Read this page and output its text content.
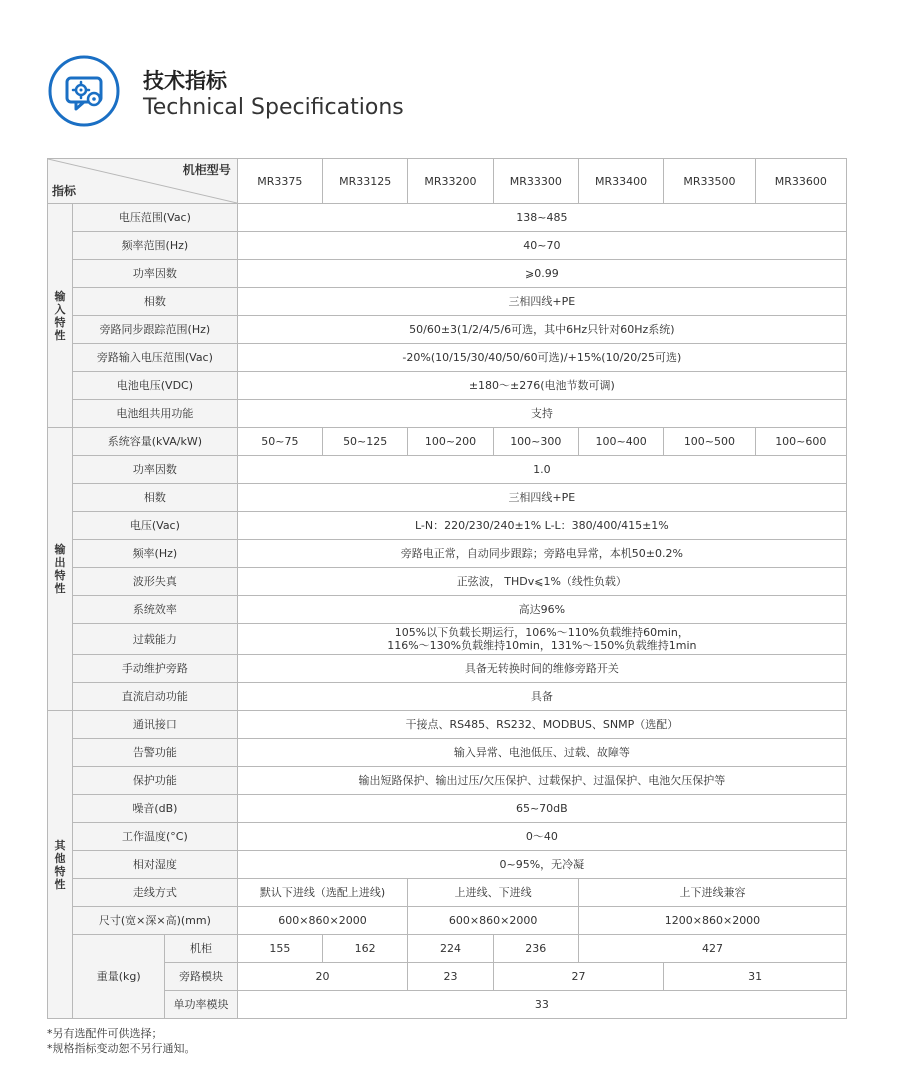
技术指标
Technical Specifications
机柜型号
指标			MR3375	MR33125	MR33200	MR33300	MR33400	MR33500	MR33600
输入特性	电压范围(Vac)		138~485						
	频率范围(Hz)		40~70						
	功率因数		⩾0.99						
	相数		三相四线+PE						
	旁路同步跟踪范围(Hz)		50/60±3(1/2/4/5/6可选，其中6Hz只针对60Hz系统)						
	旁路输入电压范围(Vac)		-20%(10/15/30/40/50/60可选)/+15%(10/20/25可选)						
	电池电压(VDC)		±180～±276(电池节数可调)						
	电池组共用功能		支持						
输出特性	系统容量(kVA/kW)		50~75	50~125	100~200	100~300	100~400	100~500	100~600
	功率因数		1.0						
	相数		三相四线+PE						
	电压(Vac)		L-N：220/230/240±1% L-L：380/400/415±1%						
	频率(Hz)		旁路电正常，自动同步跟踪；旁路电异常，本机50±0.2%						
	波形失真		正弦波， THDv⩽1%（线性负载）						
	系统效率		高达96%						
	过载能力		105%以下负载长期运行，106%～110%负载维持60min，
116%～130%负载维持10min，131%～150%负载维持1min						

	手动维护旁路		具备无转换时间的维修旁路开关						
	直流启动功能		具备						
其他特性	通讯接口		干接点、RS485、RS232、MODBUS、SNMP（选配）						
	告警功能		输入异常、电池低压、过载、故障等						
	保护功能		输出短路保护、输出过压/欠压保护、过载保护、过温保护、电池欠压保护等						
	噪音(dB)		65~70dB						
	工作温度(°C)		0～40						
	相对湿度		0~95%，无冷凝						
	走线方式		默认下进线（选配上进线)		上进线、下进线		上下进线兼容		
	尺寸(宽×深×高)(mm)		600×860×2000		600×860×2000		1200×860×2000		
	重量(kg)	机柜	155	162	224	236	427		
		旁路模块	20		23	27		31	
		单功率模块	33						
*另有选配件可供选择；
*规格指标变动恕不另行通知。
